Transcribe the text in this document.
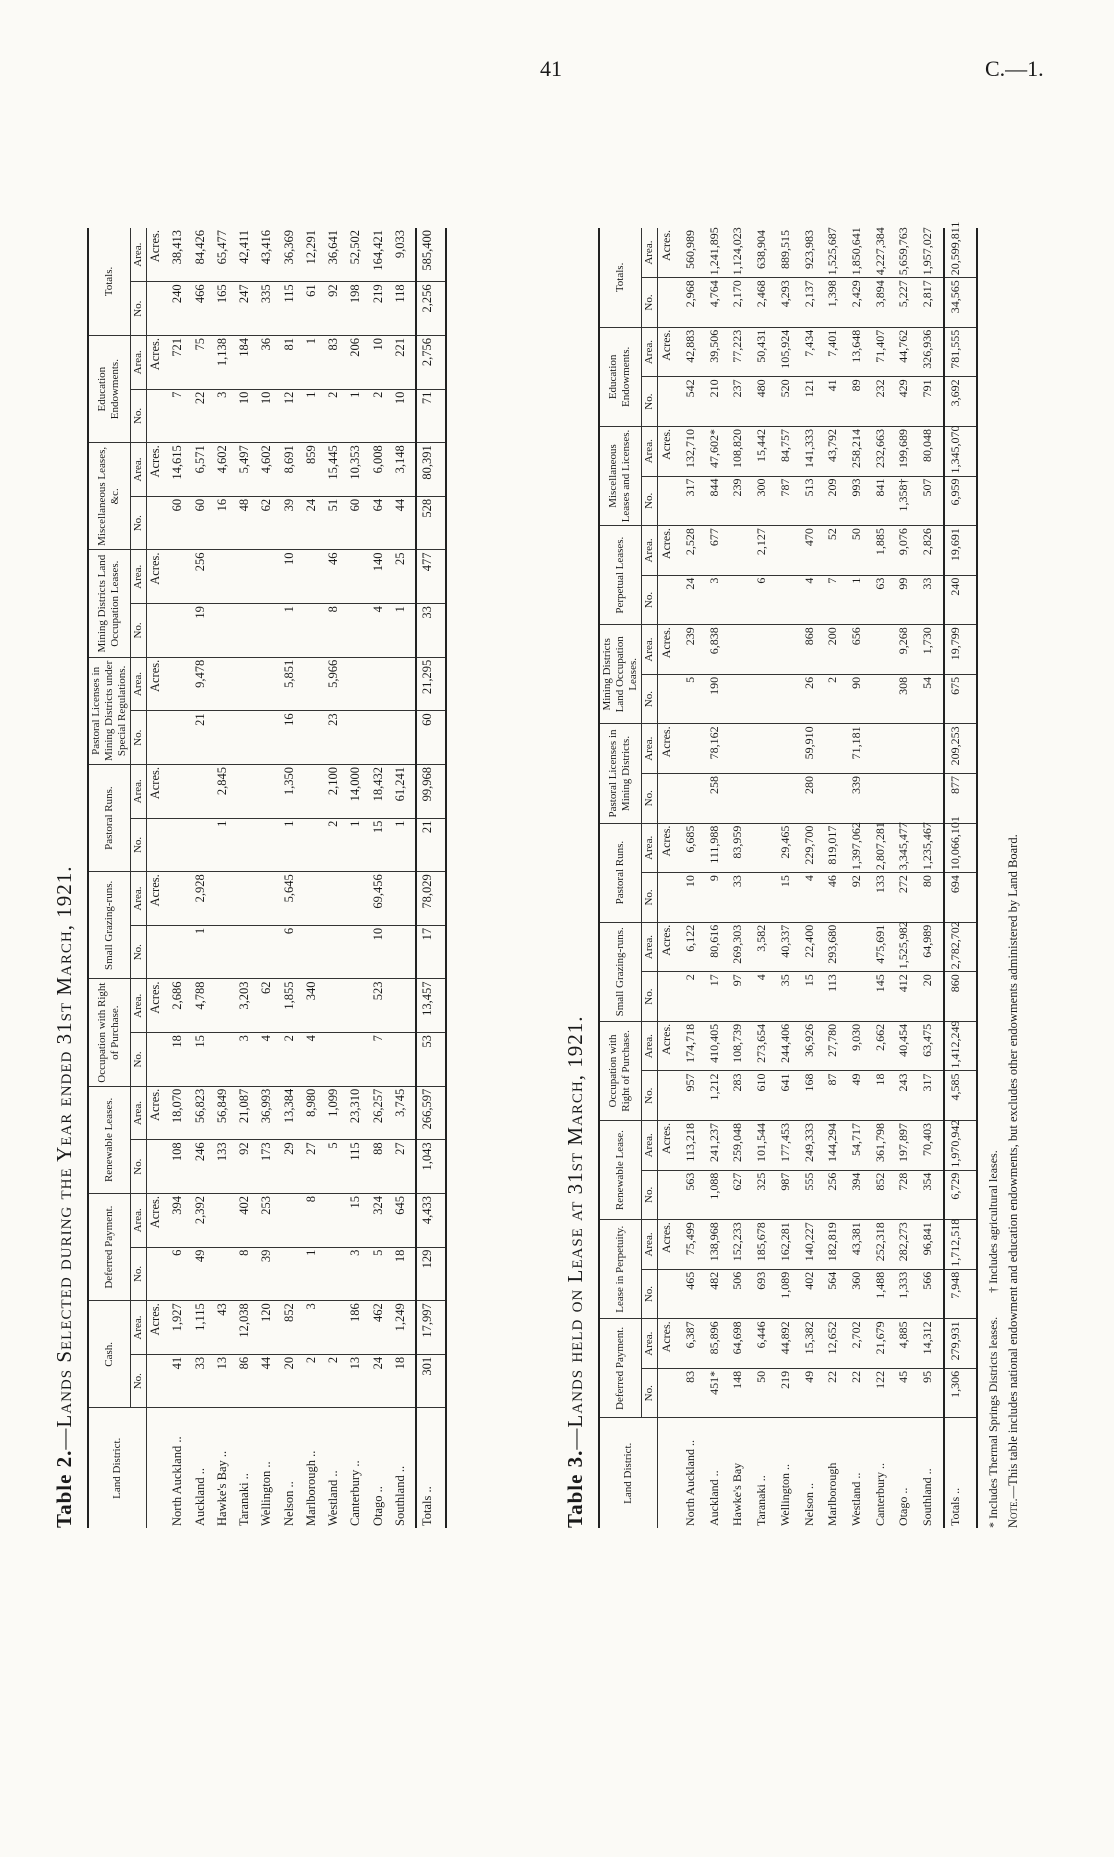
41	C.—1.
Table 2.—Lands Selected during the Year ended 31st March, 1921.
Land District.	Cash.		Deferred Payment.		Renewable Leases.		Occupation with Right of Purchase.		Small Grazing-runs.		Pastoral Runs.		Pastoral Licenses in Mining Districts under Special Regulations.		Mining Districts Land Occupation Leases.		Miscellaneous Leases, &c.		Education Endowments.		Totals.	
	No.	Area.	No.	Area.	No.	Area.	No.	Area.	No.	Area.	No.	Area.	No.	Area.	No.	Area.	No.	Area.	No.	Area.	No.	Area.
		Acres.		Acres.		Acres.		Acres.		Acres.		Acres.		Acres.		Acres.		Acres.		Acres.		Acres.
North Auckland ..	41	1,927	6	394	108	18,070	18	2,686									60	14,615	7	721	240	38,413
Auckland ..	33	1,115	49	2,392	246	56,823	15	4,788	1	2,928			21	9,478	19	256	60	6,571	22	75	466	84,426
Hawke's Bay ..	13	43			133	56,849					1	2,845					16	4,602	3	1,138	165	65,477
Taranaki ..	86	12,038	8	402	92	21,087	3	3,203									48	5,497	10	184	247	42,411
Wellington ..	44	120	39	253	173	36,993	4	62									62	4,602	10	36	335	43,416
Nelson ..	20	852			29	13,384	2	1,855	6	5,645	1	1,350	16	5,851	1	10	39	8,691	12	81	115	36,369
Marlborough ..	2	3	1	8	27	8,980	4	340									24	859	1	1	61	12,291
Westland ..	2				5	1,099					2	2,100	23	5,966	8	46	51	15,445	2	83	92	36,641
Canterbury ..	13	186	3	15	115	23,310					1	14,000					60	10,353	1	206	198	52,502
Otago ..	24	462	5	324	88	26,257	7	523	10	69,456	15	18,432			4	140	64	6,008	2	10	219	164,421
Southland ..	18	1,249	18	645	27	3,745					1	61,241			1	25	44	3,148	10	221	118	9,033
Totals ..	301	17,997	129	4,433	1,043	266,597	53	13,457	17	78,029	21	99,968	60	21,295	33	477	528	80,391	71	2,756	2,256	585,400
Table 3.—Lands held on Lease at 31st March, 1921.
Land District.	Deferred Payment.		Lease in Perpetuity.		Renewable Lease.		Occupation with Right of Purchase.		Small Grazing-runs.		Pastoral Runs.		Pastoral Licenses in Mining Districts.		Mining Districts Land Occupation Leases.		Perpetual Leases.		Miscellaneous Leases and Licenses.		Education Endowments.		Totals.	
	No.	Area.	No.	Area.	No.	Area.	No.	Area.	No.	Area.	No.	Area.	No.	Area.	No.	Area.	No.	Area.	No.	Area.	No.	Area.	No.	Area.
		Acres.		Acres.		Acres.		Acres.		Acres.		Acres.		Acres.		Acres.		Acres.		Acres.		Acres.		Acres.
North Auckland ..	83	6,387	465	75,499	563	113,218	957	174,718	2	6,122	10	6,685			5	239	24	2,528	317	132,710	542	42,883	2,968	560,989
Auckland ..	451*	85,896	482	138,968	1,088	241,237	1,212	410,405	17	80,616	9	111,988	258	78,162	190	6,838	3	677	844	47,602*	210	39,506	4,764	1,241,895
Hawke's Bay	148	64,698	506	152,233	627	259,048	283	108,739	97	269,303	33	83,959							239	108,820	237	77,223	2,170	1,124,023
Taranaki ..	50	6,446	693	185,678	325	101,544	610	273,654	4	3,582							6	2,127	300	15,442	480	50,431	2,468	638,904
Wellington ..	219	44,892	1,089	162,281	987	177,453	641	244,406	35	40,337	15	29,465							787	84,757	520	105,924	4,293	889,515
Nelson ..	49	15,382	402	140,227	555	249,333	168	36,926	15	22,400	4	229,700	280	59,910	26	868	4	470	513	141,333	121	7,434	2,137	923,983
Marlborough	22	12,652	564	182,819	256	144,294	87	27,780	113	293,680	46	819,017			2	200	7	52	209	43,792	41	7,401	1,398	1,525,687
Westland ..	22	2,702	360	43,381	394	54,717	49	9,030			92	1,397,062	339	71,181	90	656	1	50	993	258,214	89	13,648	2,429	1,850,641
Canterbury ..	122	21,679	1,488	252,318	852	361,798	18	2,662	145	475,691	133	2,807,281					63	1,885	841	232,663	232	71,407	3,894	4,227,384
Otago ..	45	4,885	1,333	282,273	728	197,897	243	40,454	412	1,525,982	272	3,345,477			308	9,268	99	9,076	1,358†	199,689	429	44,762	5,227	5,659,763
Southland ..	95	14,312	566	96,841	354	70,403	317	63,475	20	64,989	80	1,235,467			54	1,730	33	2,826	507	80,048	791	326,936	2,817	1,957,027
Totals ..	1,306	279,931	7,948	1,712,518	6,729	1,970,942	4,585	1,412,249	860	2,782,702	694	10,066,101	877	209,253	675	19,799	240	19,691	6,959	1,345,070	3,692	781,555	34,565	20,599,811
* Includes Thermal Springs Districts leases.        † Includes agricultural leases.
Note.—This table includes national endowment and education endowments, but excludes other endowments administered by Land Board.
